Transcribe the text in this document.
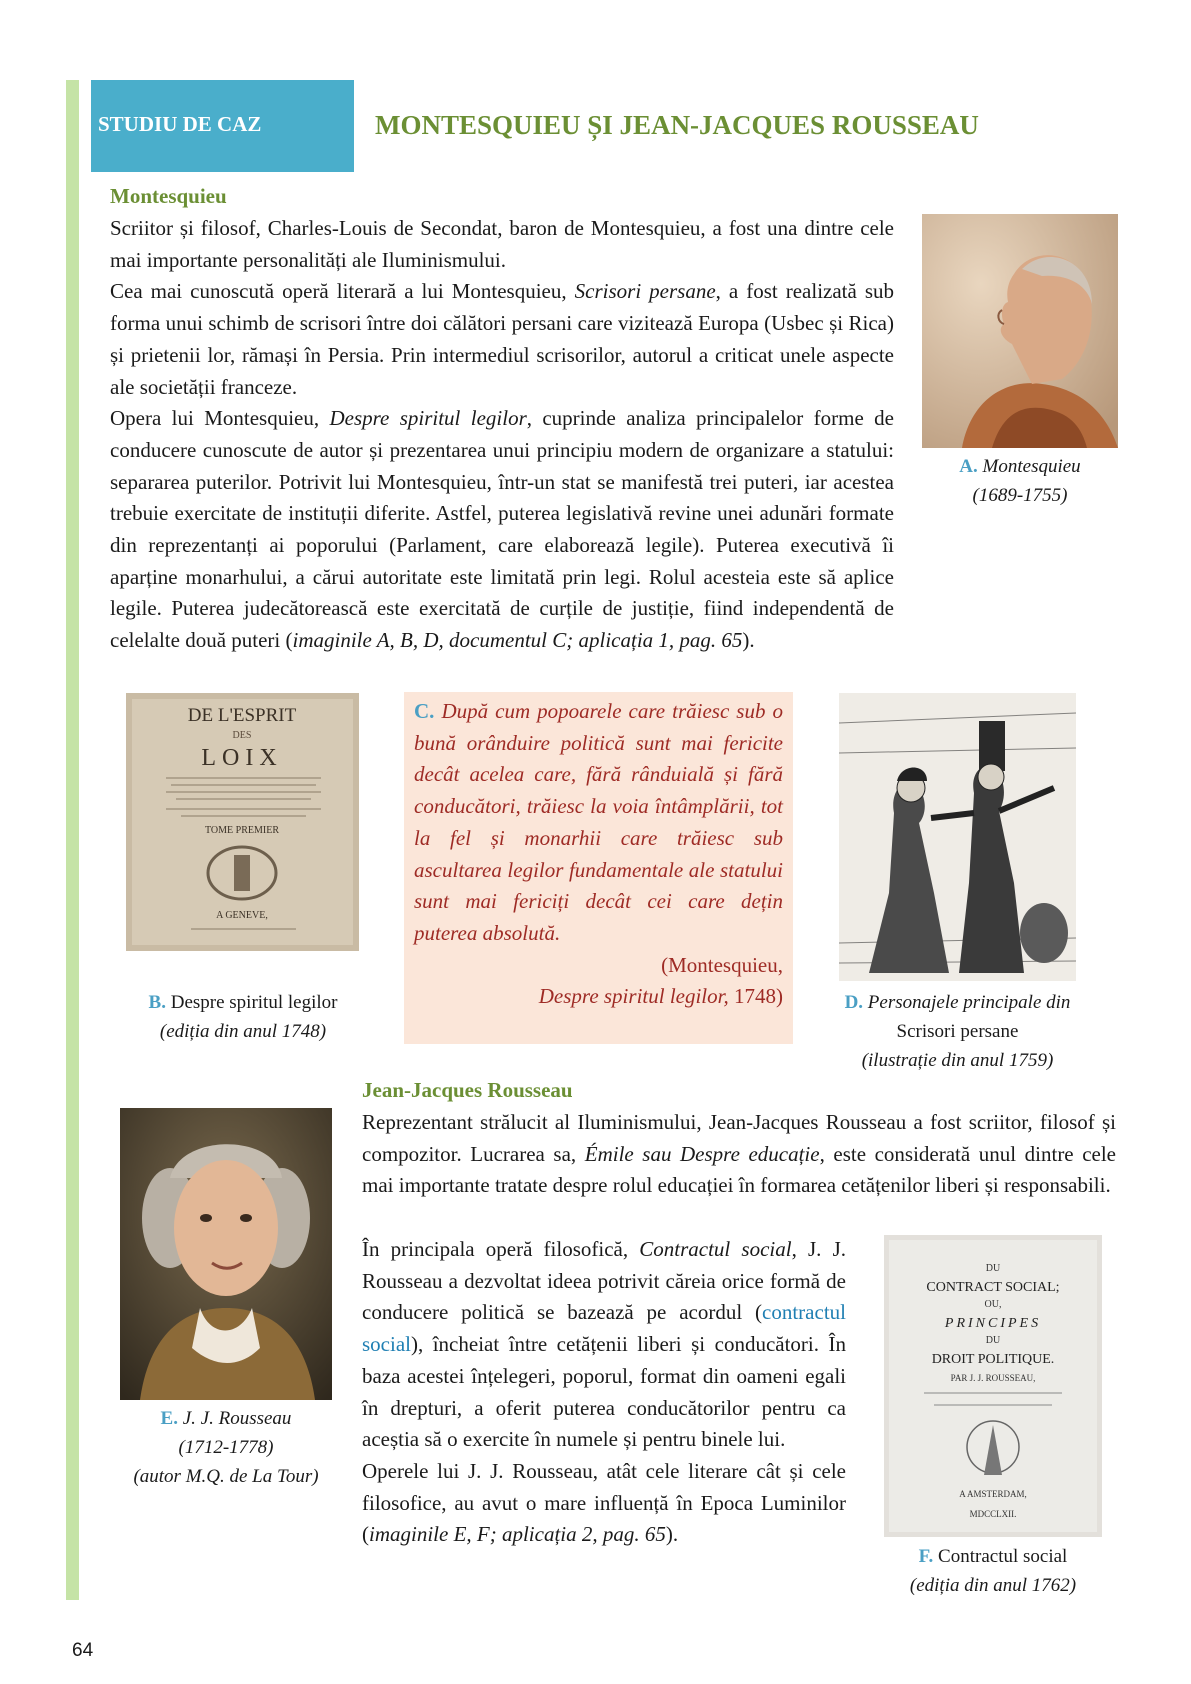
STUDIU DE CAZ	MONTESQUIEU ȘI JEAN-JACQUES ROUSSEAU
Montesquieu

Scriitor și filosof, Charles-Louis de Secondat, baron de Montesquieu, a fost una dintre cele mai importante personalități ale Iluminismului.

Cea mai cunoscută operă literară a lui Montesquieu, Scrisori persane, a fost realizată sub forma unui schimb de scrisori între doi călători persani care vizitează Europa (Usbec și Rica) și prietenii lor, rămași în Persia. Prin intermediul scrisorilor, autorul a criticat unele aspecte ale societății franceze.

Opera lui Montesquieu, Despre spiritul legilor, cuprinde analiza principalelor forme de conducere cunoscute de autor și prezentarea unui principiu modern de organizare a statului: separarea puterilor. Potrivit lui Montesquieu, într-un stat se manifestă trei puteri, iar acestea trebuie exercitate de instituții diferite. Astfel, puterea legislativă revine unei adunări formate din reprezentanți ai poporului (Parlament, care elaborează legile). Puterea executivă îi aparține monarhului, a cărui autoritate este limitată prin legi. Rolul acesteia este să aplice legile. Puterea judecătorească este exercitată de curțile de justiție, fiind independentă de celelalte două puteri (imaginile A, B, D, documentul C; aplicația 1, pag. 65).

A. Montesquieu
(1689-1755)
DE L'ESPRIT
DES
LOIX
TOME PREMIER
A GENEVE,
B. Despre spiritul legilor
(ediția din anul 1748)
C. După cum popoarele care trăiesc sub o bună orânduire politică sunt mai fericite decât acelea care, fără rânduială și fără conducători, trăiesc la voia întâmplării, tot la fel și monarhii care trăiesc sub ascultarea legilor fundamentale ale statului sunt mai fericiți decât cei care dețin puterea absolută.
(Montesquieu,
Despre spiritul legilor, 1748)	D. Personajele principale din
Scrisori persane
(ilustrație din anul 1759)
Jean-Jacques Rousseau
Reprezentant strălucit al Iluminismului, Jean-Jacques Rousseau a fost scriitor, filosof și compozitor. Lucrarea sa, Émile sau Despre educație, este considerată unul dintre cele mai importante tratate despre rolul educației în formarea cetățenilor liberi și responsabili.

În principala operă filosofică, Contractul social, J. J. Rousseau a dezvoltat ideea potrivit căreia orice formă de conducere politică se bazează pe acordul (contractul social), încheiat între cetățenii liberi și conducători. În baza acestei înțelegeri, poporul, format din oameni egali în drepturi, a oferit puterea conducătorilor pentru ca aceștia să o exercite în numele și pentru binele lui.

Operele lui J. J. Rousseau, atât cele literare cât și cele filosofice, au avut o mare influență în Epoca Luminilor (imaginile E, F; aplicația 2, pag. 65).

E. J. J. Rousseau
(1712-1778)
(autor M.Q. de La Tour)
DU
CONTRACT SOCIAL;
OU,
PRINCIPES
DU
DROIT POLITIQUE.
PAR J. J. ROUSSEAU,
A AMSTERDAM,
MDCCLXII.
F. Contractul social
(ediția din anul 1762)
64
